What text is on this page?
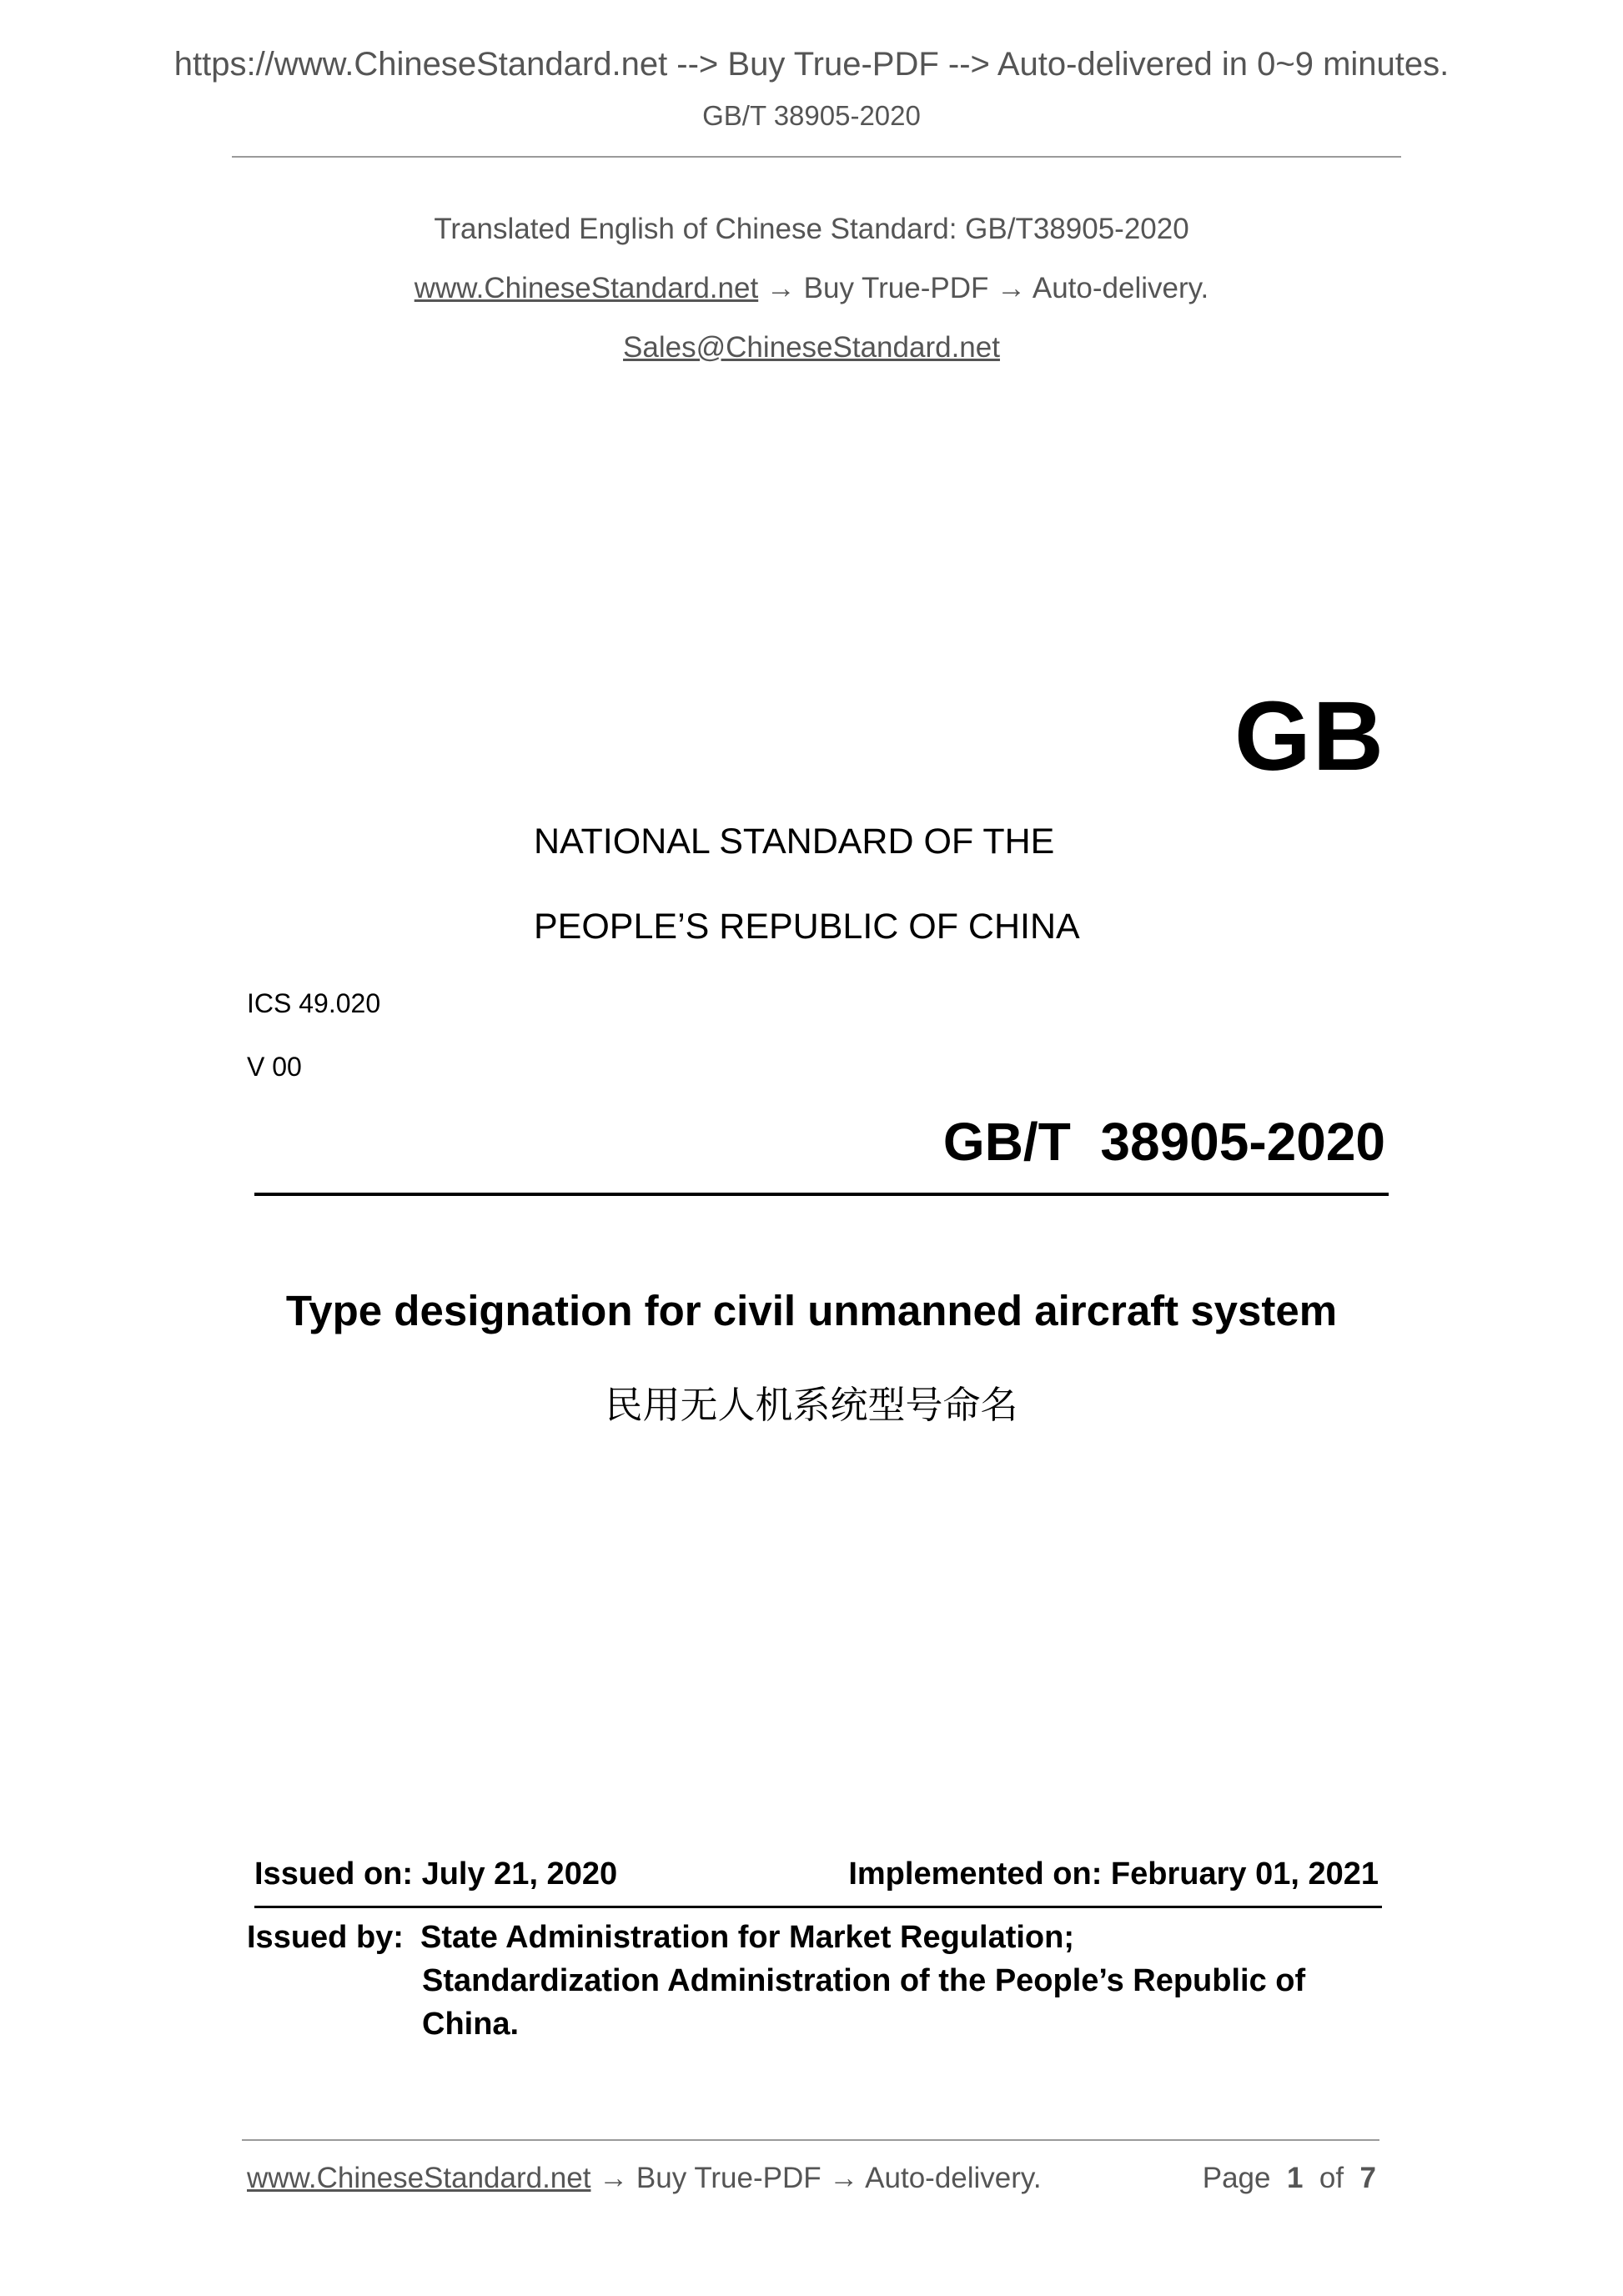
https://www.ChineseStandard.net --> Buy True-PDF --> Auto-delivered in 0~9 minutes.
GB/T 38905-2020
Translated English of Chinese Standard: GB/T38905-2020
www.ChineseStandard.net → Buy True-PDF → Auto-delivery.
Sales@ChineseStandard.net
GB
NATIONAL STANDARD OF THE
PEOPLE’S REPUBLIC OF CHINA
ICS 49.020
V 00
GB/T  38905-2020
Type designation for civil unmanned aircraft system
民用无人机系统型号命名
Issued on: July 21, 2020	Implemented on: February 01, 2021
Issued by: State Administration for Market Regulation;
Standardization Administration of the People’s Republic of
China.
www.ChineseStandard.net → Buy True-PDF → Auto-delivery.	Page 1 of 7
